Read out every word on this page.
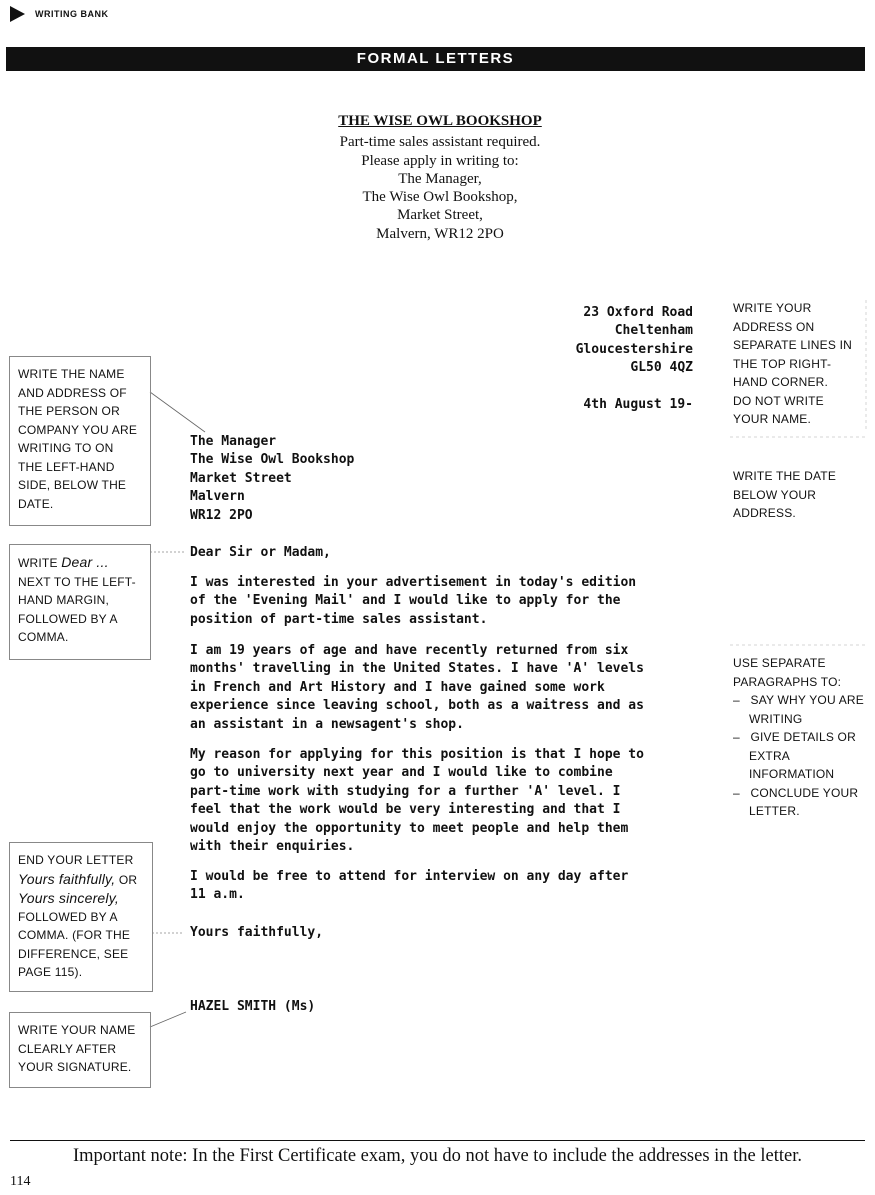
WRITING BANK
FORMAL LETTERS
THE WISE OWL BOOKSHOP
Part-time sales assistant required.
Please apply in writing to:
The Manager,
The Wise Owl Bookshop,
Market Street,
Malvern, WR12 2PO
23 Oxford Road
Cheltenham
Gloucestershire
GL50 4QZ
4th August 19-
The Manager
The Wise Owl Bookshop
Market Street
Malvern
WR12 2PO
Dear Sir or Madam,
I was interested in your advertisement in today's edition
of the 'Evening Mail' and I would like to apply for the
position of part-time sales assistant.
I am 19 years of age and have recently returned from six
months' travelling in the United States. I have 'A' levels
in French and Art History and I have gained some work
experience since leaving school, both as a waitress and as
an assistant in a newsagent's shop.
My reason for applying for this position is that I hope to
go to university next year and I would like to combine
part-time work with studying for a further 'A' level. I
feel that the work would be very interesting and that I
would enjoy the opportunity to meet people and help them
with their enquiries.
I would be free to attend for interview on any day after
11 a.m.
Yours faithfully,
HAZEL SMITH (Ms)
WRITE THE NAME
AND ADDRESS OF
THE PERSON OR
COMPANY YOU ARE
WRITING TO ON
THE LEFT-HAND
SIDE, BELOW THE
DATE.
WRITE Dear ...
NEXT TO THE LEFT-
HAND MARGIN,
FOLLOWED BY A
COMMA.
END YOUR LETTER
Yours faithfully, OR
Yours sincerely,
FOLLOWED BY A
COMMA. (FOR THE
DIFFERENCE, SEE
PAGE 115).
WRITE YOUR NAME
CLEARLY AFTER
YOUR SIGNATURE.
WRITE YOUR
ADDRESS ON
SEPARATE LINES IN
THE TOP RIGHT-
HAND CORNER.
DO NOT WRITE
YOUR NAME.
WRITE THE DATE
BELOW YOUR
ADDRESS.
USE SEPARATE
PARAGRAPHS TO:
–   SAY WHY YOU ARE WRITING
–   GIVE DETAILS OR EXTRA INFORMATION
–   CONCLUDE YOUR LETTER.
Important note: In the First Certificate exam, you do not have to include the addresses in the letter.
114
